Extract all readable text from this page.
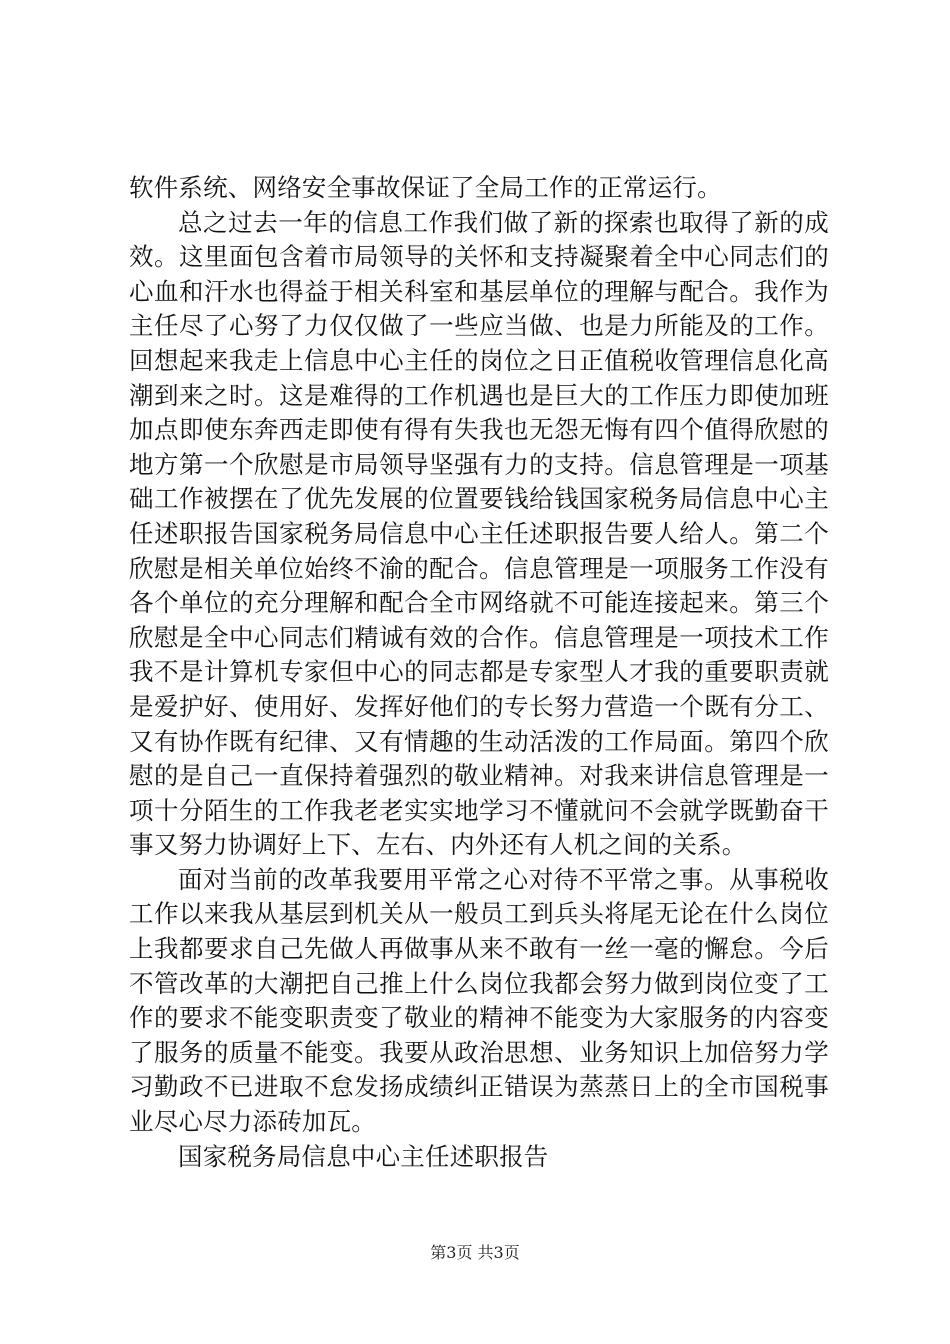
软件系统、网络安全事故保证了全局工作的正常运行。

总之过去一年的信息工作我们做了新的探索也取得了新的成效。这里面包含着市局领导的关怀和支持凝聚着全中心同志们的心血和汗水也得益于相关科室和基层单位的理解与配合。我作为主任尽了心努了力仅仅做了一些应当做、也是力所能及的工作。回想起来我走上信息中心主任的岗位之日正值税收管理信息化高潮到来之时。这是难得的工作机遇也是巨大的工作压力即使加班加点即使东奔西走即使有得有失我也无怨无悔有四个值得欣慰的地方第一个欣慰是市局领导坚强有力的支持。信息管理是一项基础工作被摆在了优先发展的位置要钱给钱国家税务局信息中心主任述职报告国家税务局信息中心主任述职报告要人给人。第二个欣慰是相关单位始终不渝的配合。信息管理是一项服务工作没有各个单位的充分理解和配合全市网络就不可能连接起来。第三个欣慰是全中心同志们精诚有效的合作。信息管理是一项技术工作我不是计算机专家但中心的同志都是专家型人才我的重要职责就是爱护好、使用好、发挥好他们的专长努力营造一个既有分工、又有协作既有纪律、又有情趣的生动活泼的工作局面。第四个欣慰的是自己一直保持着强烈的敬业精神。对我来讲信息管理是一项十分陌生的工作我老老实实地学习不懂就问不会就学既勤奋干事又努力协调好上下、左右、内外还有人机之间的关系。

面对当前的改革我要用平常之心对待不平常之事。从事税收工作以来我从基层到机关从一般员工到兵头将尾无论在什么岗位上我都要求自己先做人再做事从来不敢有一丝一毫的懈怠。今后不管改革的大潮把自己推上什么岗位我都会努力做到岗位变了工作的要求不能变职责变了敬业的精神不能变为大家服务的内容变了服务的质量不能变。我要从政治思想、业务知识上加倍努力学习勤政不已进取不怠发扬成绩纠正错误为蒸蒸日上的全市国税事业尽心尽力添砖加瓦。

国家税务局信息中心主任述职报告

第3页 共3页
